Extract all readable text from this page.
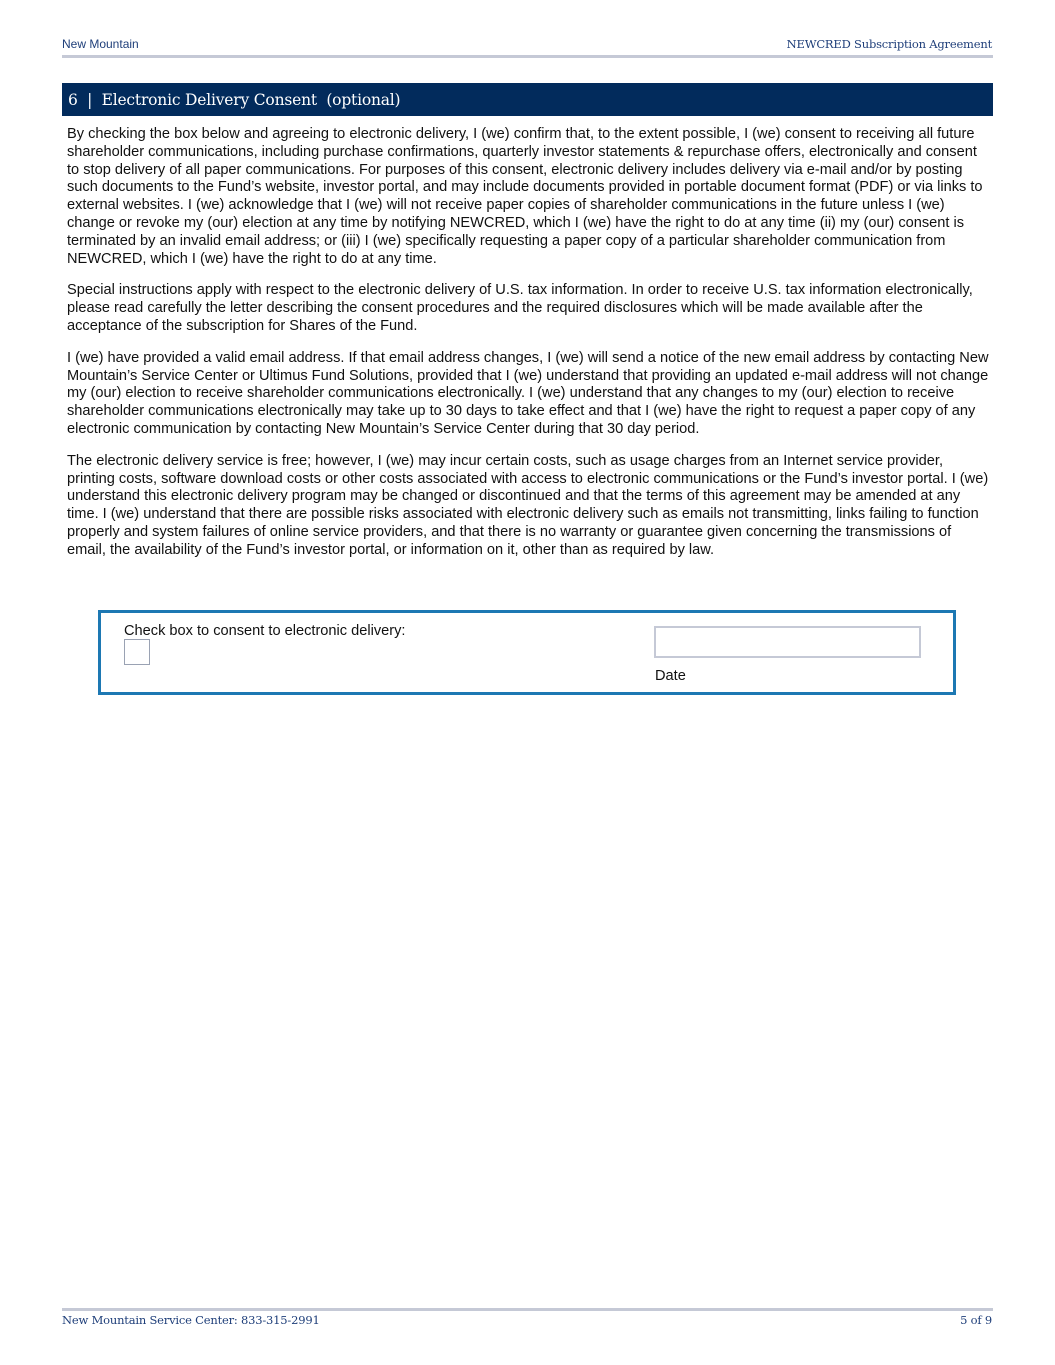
New Mountain	NEWCRED Subscription Agreement
6  |  Electronic Delivery Consent  (optional)

By checking the box below and agreeing to electronic delivery, I (we) confirm that, to the extent possible, I (we) consent to receiving all future shareholder communications, including purchase confirmations, quarterly investor statements & repurchase offers, electronically and consent to stop delivery of all paper communications. For purposes of this consent, electronic delivery includes delivery via e-mail and/or by posting such documents to the Fund’s website, investor portal, and may include documents provided in portable document format (PDF) or via links to external websites. I (we) acknowledge that I (we) will not receive paper copies of shareholder communications in the future unless I (we) change or revoke my (our) election at any time by notifying NEWCRED, which I (we) have the right to do at any time (ii) my (our) consent is terminated by an invalid email address; or (iii) I (we) specifically requesting a paper copy of a particular shareholder communication from NEWCRED, which I (we) have the right to do at any time.

Special instructions apply with respect to the electronic delivery of U.S. tax information. In order to receive U.S. tax information electronically, please read carefully the letter describing the consent procedures and the required disclosures which will be made available after the acceptance of the subscription for Shares of the Fund.

I (we) have provided a valid email address. If that email address changes, I (we) will send a notice of the new email address by contacting New Mountain’s Service Center or Ultimus Fund Solutions, provided that I (we) understand that providing an updated e-mail address will not change my (our) election to receive shareholder communications electronically. I (we) understand that any changes to my (our) election to receive shareholder communications electronically may take up to 30 days to take effect and that I (we) have the right to request a paper copy of any electronic communication by contacting New Mountain’s Service Center during that 30 day period.

The electronic delivery service is free; however, I (we) may incur certain costs, such as usage charges from an Internet service provider, printing costs, software download costs or other costs associated with access to electronic communications or the Fund’s investor portal. I (we) understand this electronic delivery program may be changed or discontinued and that the terms of this agreement may be amended at any time. I (we) understand that there are possible risks associated with electronic delivery such as emails not transmitting, links failing to function properly and system failures of online service providers, and that there is no warranty or guarantee given concerning the transmissions of email, the availability of the Fund’s investor portal, or information on it, other than as required by law.

Check box to consent to electronic delivery:
Date
New Mountain Service Center: 833-315-2991	5 of 9
